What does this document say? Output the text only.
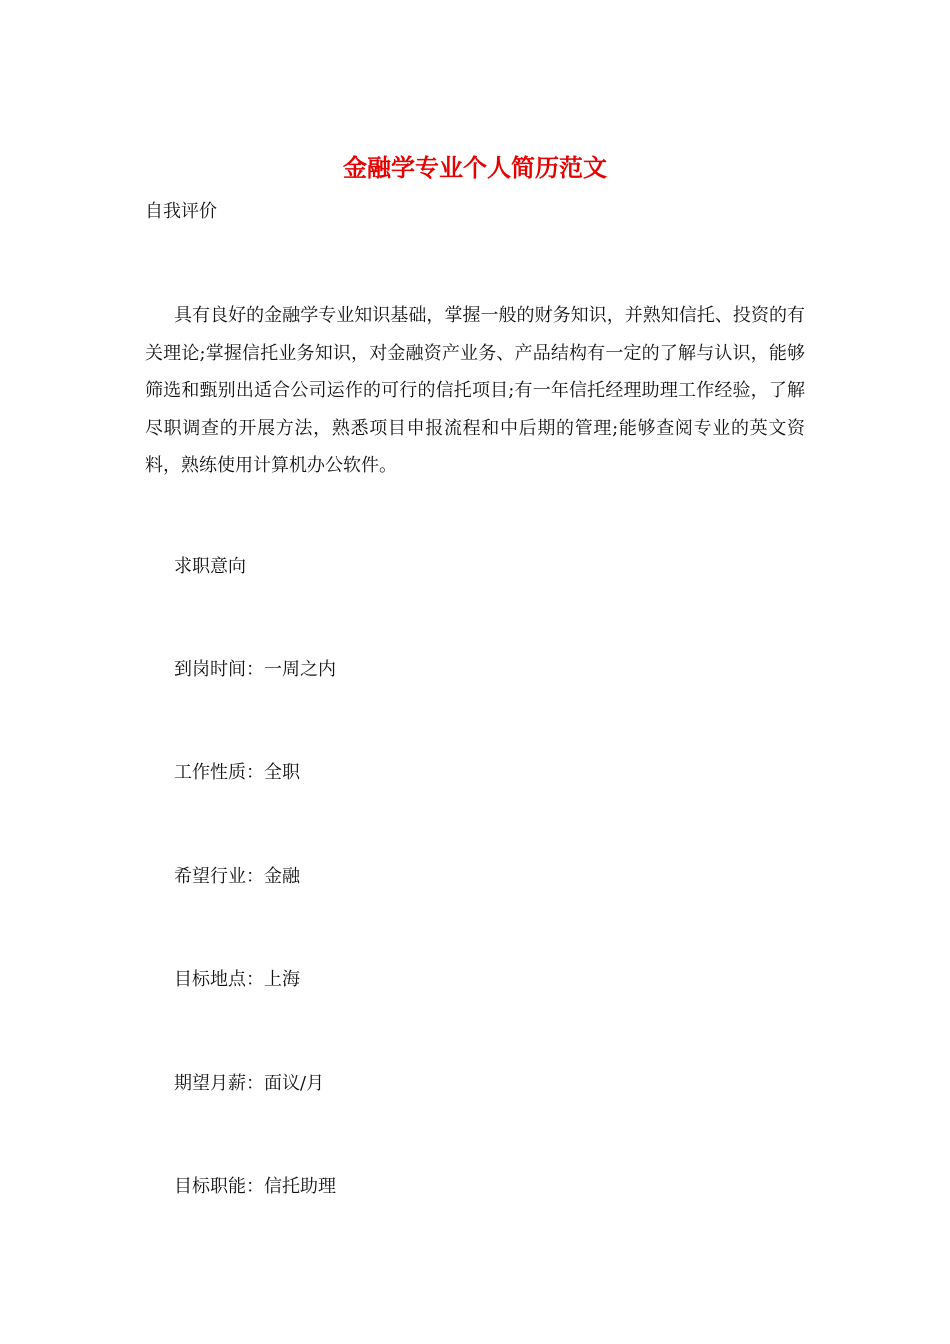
金融学专业个人简历范文

自我评价

具有良好的金融学专业知识基础，掌握一般的财务知识，并熟知信托、投资的有关理论;掌握信托业务知识，对金融资产业务、产品结构有一定的了解与认识，能够筛选和甄别出适合公司运作的可行的信托项目;有一年信托经理助理工作经验，了解尽职调查的开展方法，熟悉项目申报流程和中后期的管理;能够查阅专业的英文资料，熟练使用计算机办公软件。

求职意向

到岗时间：一周之内

工作性质：全职

希望行业：金融

目标地点：上海

期望月薪：面议/月

目标职能：信托助理
